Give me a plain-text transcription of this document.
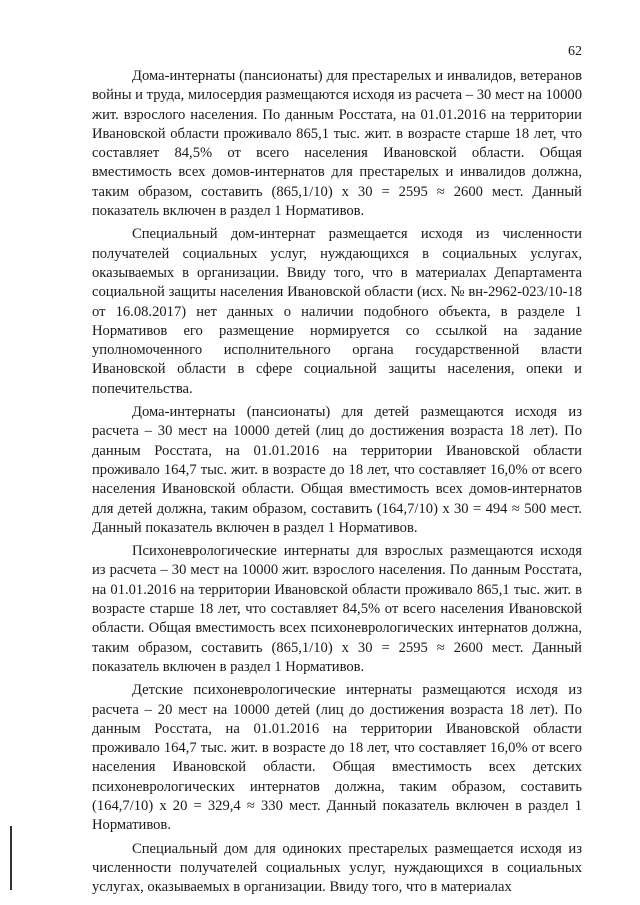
62

Дома-интернаты (пансионаты) для престарелых и инвалидов, ветеранов войны и труда, милосердия размещаются исходя из расчета – 30 мест на 10000 жит. взрослого населения. По данным Росстата, на 01.01.2016 на территории Ивановской области проживало 865,1 тыс. жит. в возрасте старше 18 лет, что составляет 84,5% от всего населения Ивановской области. Общая вместимость всех домов-интернатов для престарелых и инвалидов должна, таким образом, составить (865,1/10) х 30 = 2595 ≈ 2600 мест. Данный показатель включен в раздел 1 Нормативов.

Специальный дом-интернат размещается исходя из численности получателей социальных услуг, нуждающихся в социальных услугах, оказываемых в организации. Ввиду того, что в материалах Департамента социальной защиты населения Ивановской области (исх. № вн-2962-023/10-18 от 16.08.2017) нет данных о наличии подобного объекта, в разделе 1 Нормативов его размещение нормируется со ссылкой на задание уполномоченного исполнительного органа государственной власти Ивановской области в сфере социальной защиты населения, опеки и попечительства.

Дома-интернаты (пансионаты) для детей размещаются исходя из расчета – 30 мест на 10000 детей (лиц до достижения возраста 18 лет). По данным Росстата, на 01.01.2016 на территории Ивановской области проживало 164,7 тыс. жит. в возрасте до 18 лет, что составляет 16,0% от всего населения Ивановской области. Общая вместимость всех домов-интернатов для детей должна, таким образом, составить (164,7/10) х 30 = 494 ≈ 500 мест. Данный показатель включен в раздел 1 Нормативов.

Психоневрологические интернаты для взрослых размещаются исходя из расчета – 30 мест на 10000 жит. взрослого населения. По данным Росстата, на 01.01.2016 на территории Ивановской области проживало 865,1 тыс. жит. в возрасте старше 18 лет, что составляет 84,5% от всего населения Ивановской области. Общая вместимость всех психоневрологических интернатов должна, таким образом, составить (865,1/10) х 30 = 2595 ≈ 2600 мест. Данный показатель включен в раздел 1 Нормативов.

Детские психоневрологические интернаты размещаются исходя из расчета – 20 мест на 10000 детей (лиц до достижения возраста 18 лет). По данным Росстата, на 01.01.2016 на территории Ивановской области проживало 164,7 тыс. жит. в возрасте до 18 лет, что составляет 16,0% от всего населения Ивановской области. Общая вместимость всех детских психоневрологических интернатов должна, таким образом, составить (164,7/10) х 20 = 329,4 ≈ 330 мест. Данный показатель включен в раздел 1 Нормативов.

Специальный дом для одиноких престарелых размещается исходя из численности получателей социальных услуг, нуждающихся в социальных услугах, оказываемых в организации. Ввиду того, что в материалах
